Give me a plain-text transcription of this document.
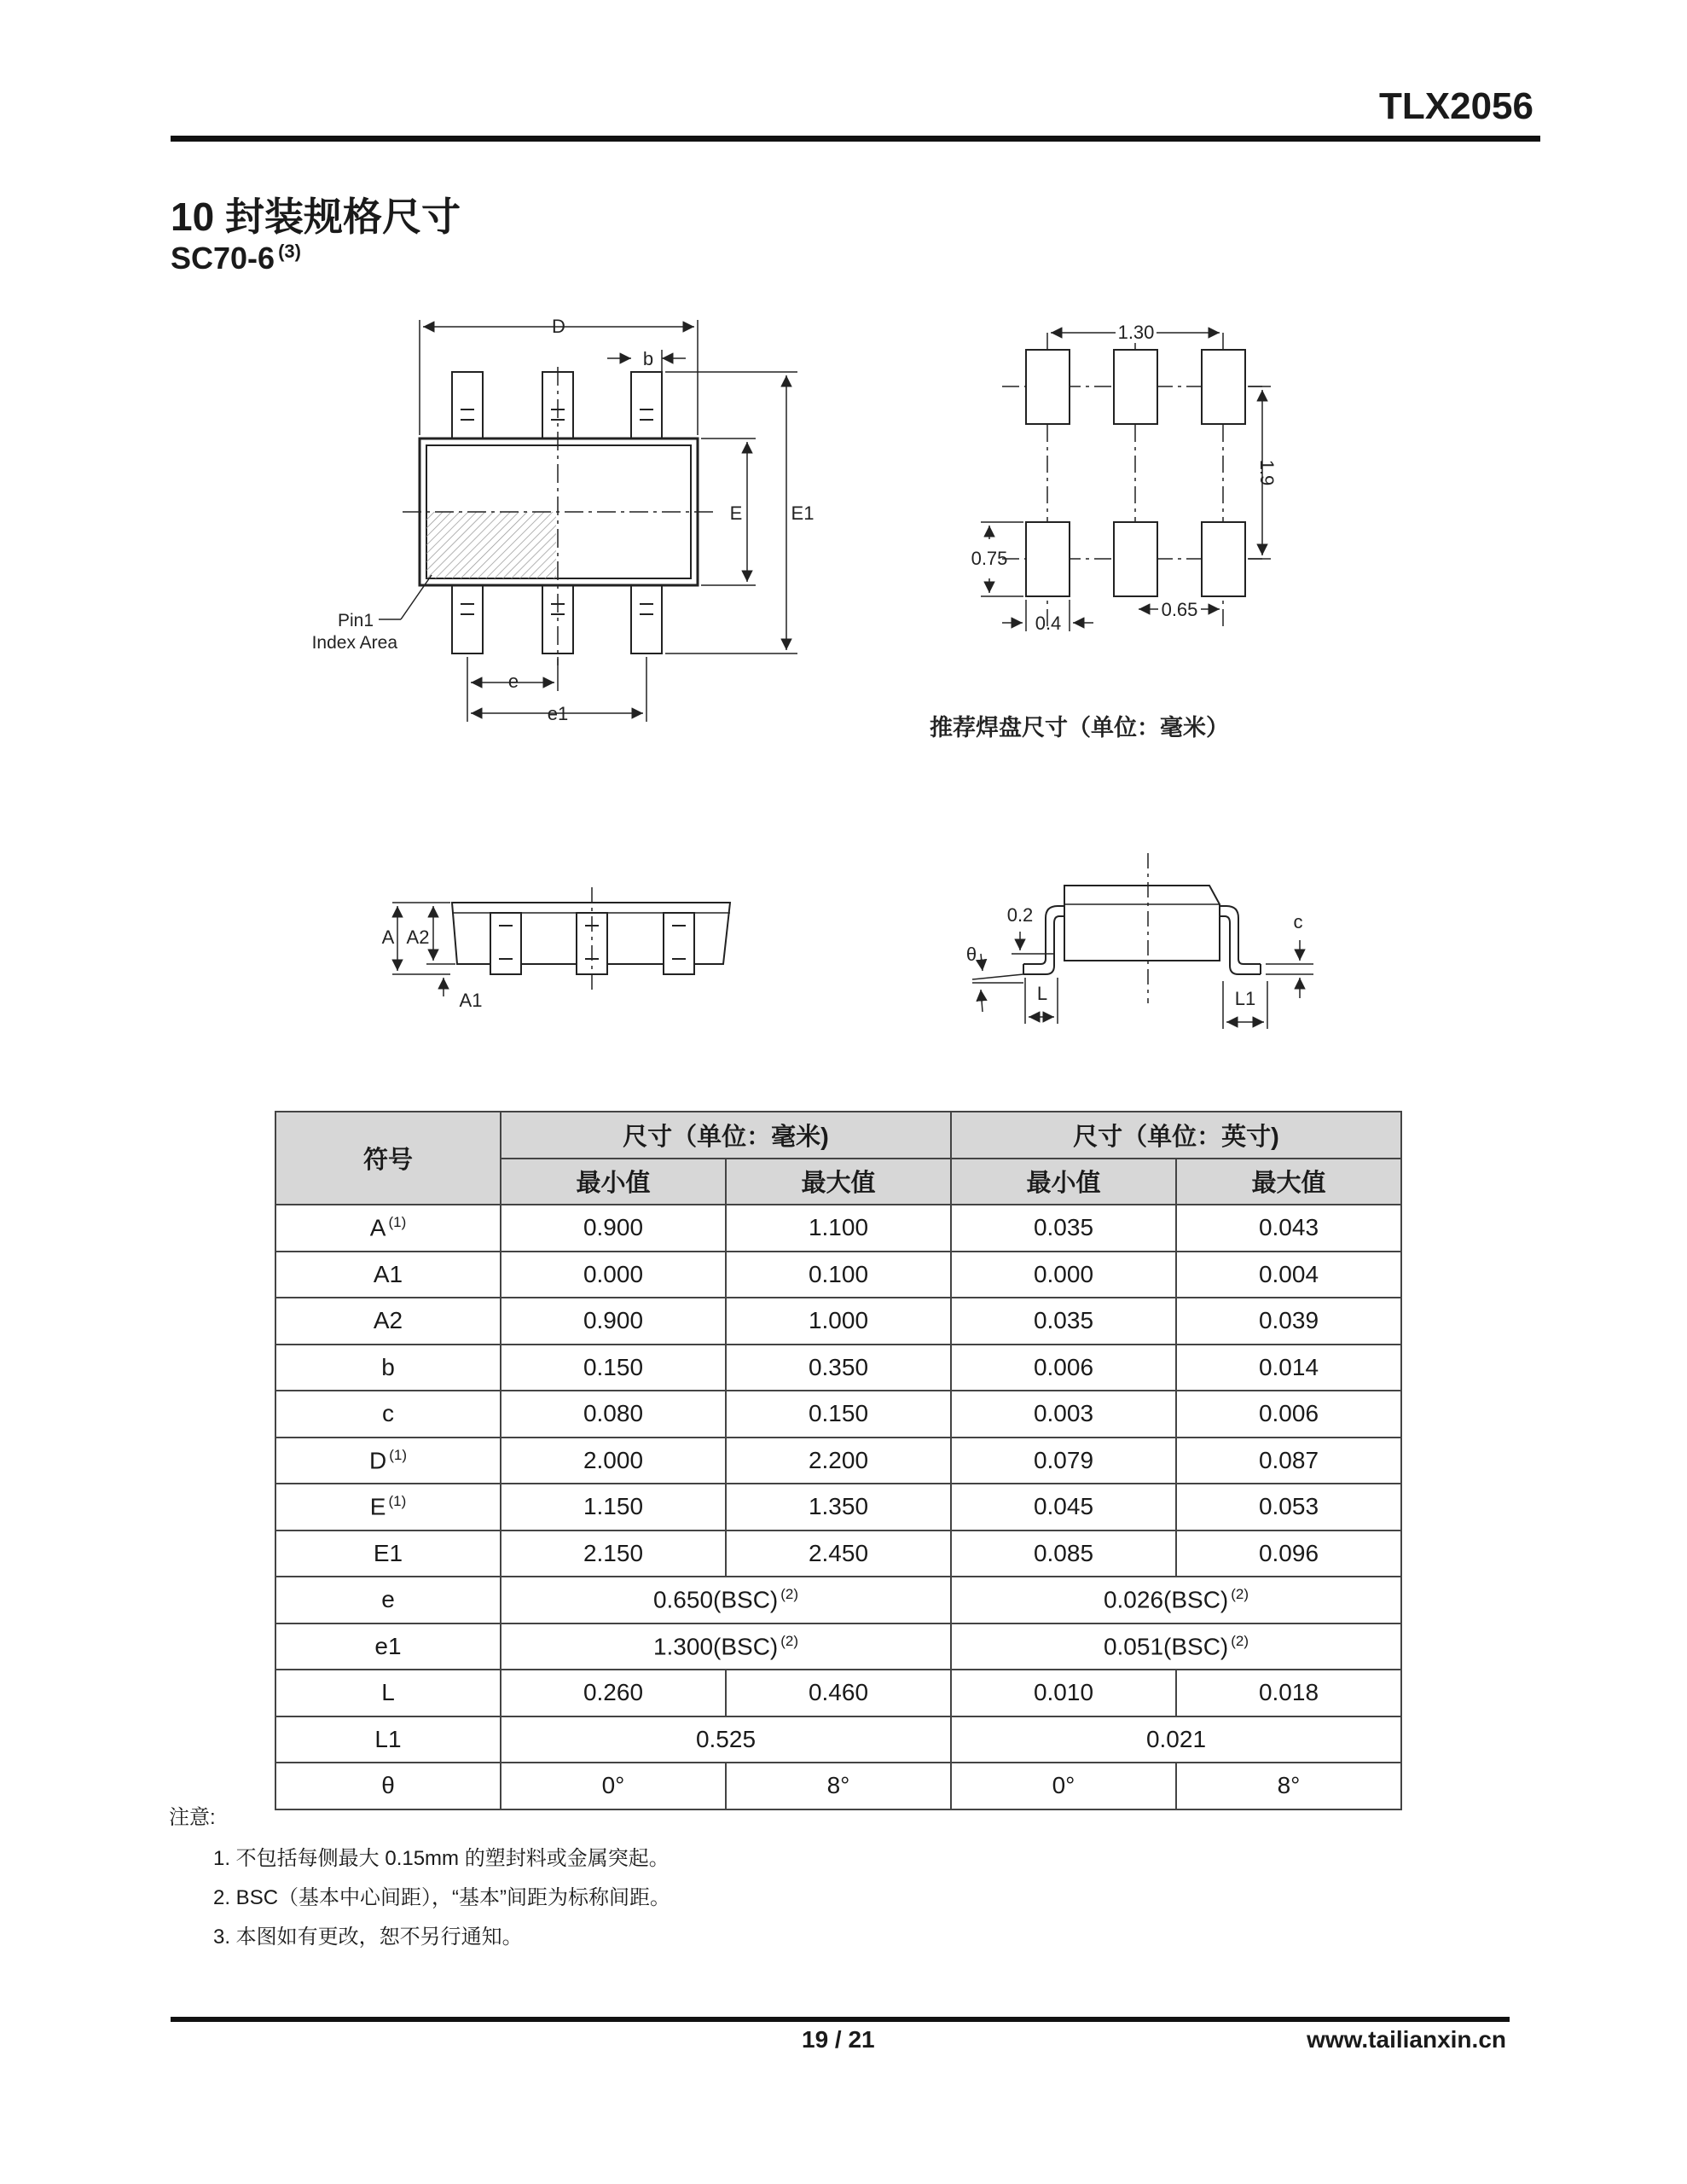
TLX2056
10 封装规格尺寸
SC70-6 $^{(3)}$
D
b
E	E1
e
e1
Pin1
Index Area
1.30
1.9
0.75
0.4
0.65
推荐焊盘尺寸（单位：毫米）
A A2
A1
0.2
θ
c
L	L1
符号	尺寸（单位：毫米)		尺寸（单位：英寸)	
	最小值	最大值	最小值	最大值
A $^{(1)}$	0.900	1.100	0.035	0.043
A1	0.000	0.100	0.000	0.004
A2	0.900	1.000	0.035	0.039
b	0.150	0.350	0.006	0.014
c	0.080	0.150	0.003	0.006
D $^{(1)}$	2.000	2.200	0.079	0.087
E $^{(1)}$	1.150	1.350	0.045	0.053
E1	2.150	2.450	0.085	0.096
e	0.650(BSC) $^{(2)}$		0.026(BSC) $^{(2)}$
e1	1.300(BSC) $^{(2)}$		0.051(BSC) $^{(2)}$
L	0.260	0.460	0.010	0.018
L1	0.525		0.021	
θ	0°	8°	0°	8°
注意:
1. 不包括每侧最大 0.15mm 的塑封料或金属突起。
2. BSC（基本中心间距），“基本”间距为标称间距。
3. 本图如有更改，恕不另行通知。
19 / 21	www.tailianxin.cn
